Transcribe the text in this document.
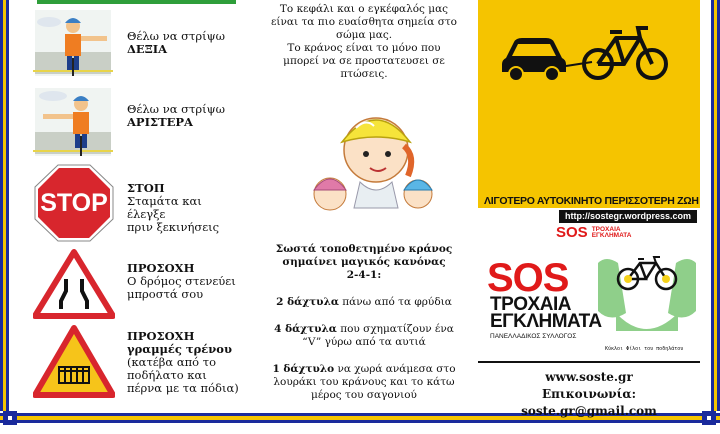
Θέλω να στρίψω
ΔΕΞΙΑ
Θέλω να στρίψω
ΑΡΙΣΤΕΡΑ
STOP
ΣΤΟΠ
Σταμάτα και έλεγξε
πριν ξεκινήσεις
ΠΡΟΣΟΧΗ
Ο δρόμος στενεύει
μπροστά σου
ΠΡΟΣΟΧΗ
γραμμές τρένου
(κατέβα από το
ποδήλατο και
πέρνα με τα πόδια)
Το κεφάλι και ο εγκέφαλός μας
είναι τα πιο ευαίσθητα σημεία στο
σώμα μας.
Το κράνος είναι το μόνο που
μπορεί να σε προστατευσει σε
πτώσεις.
Σωστά τοποθετημένο κράνος
σημαίνει μαγικός κανόνας
2-4-1:
2 δάχτυλα πάνω από τα φρύδια
4 δάχτυλα που σχηματίζουν ένα
“V” γύρω από τα αυτιά
1 δάχτυλο να χωρά ανάμεσα στο
λουράκι του κράνους και το κάτω
μέρος του σαγονιού
ΛΙΓΟΤΕΡΟ ΑΥΤΟΚΙΝΗΤΟ ΠΕΡΙΣΣΟΤΕΡΗ ΖΩΗ
http://sostegr.wordpress.com
SOS ΤΡΟΧΑΙΑ
ΕΓΚΛΗΜΑΤΑ
SOS
ΤΡΟΧΑΙΑ
ΕΓΚΛΗΜΑΤΑ
ΠΑΝΕΛΛΑΔΙΚΟΣ ΣΥΛΛΟΓΟΣ
Κύκλοι Φίλοι του ποδηλάτου
www.soste.gr
Επικοινωνία: soste.gr@gmail.com
